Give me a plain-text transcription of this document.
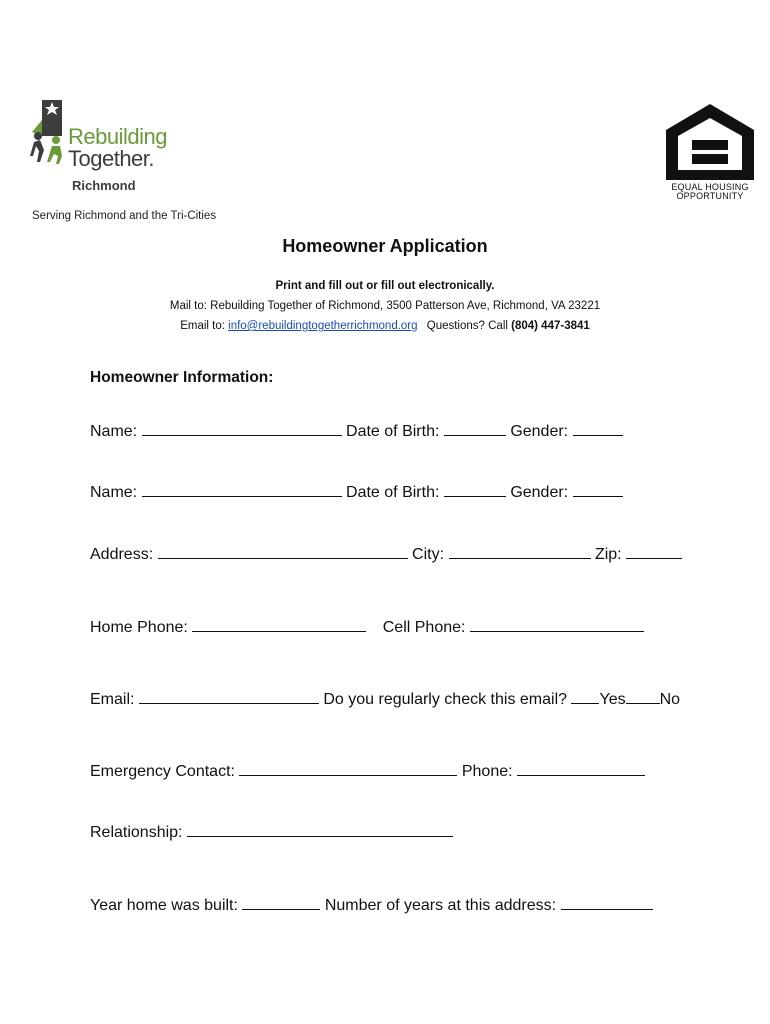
Rebuilding
Together.
Richmond
Serving Richmond and the Tri-Cities
EQUAL HOUSING
OPPORTUNITY
Homeowner Application
Print and fill out or fill out electronically.
Mail to: Rebuilding Together of Richmond, 3500 Patterson Ave, Richmond, VA 23221
Email to: info@rebuildingtogetherrichmond.org Questions? Call (804) 447-3841
Homeowner Information:
Name:	Date of Birth:	Gender:
Name:	Date of Birth:	Gender:
Address:	City:	Zip:
Home Phone:	Cell Phone:
Email:	Do you regularly check this email? Yes No
Emergency Contact:	Phone:
Relationship:
Year home was built:	Number of years at this address:
